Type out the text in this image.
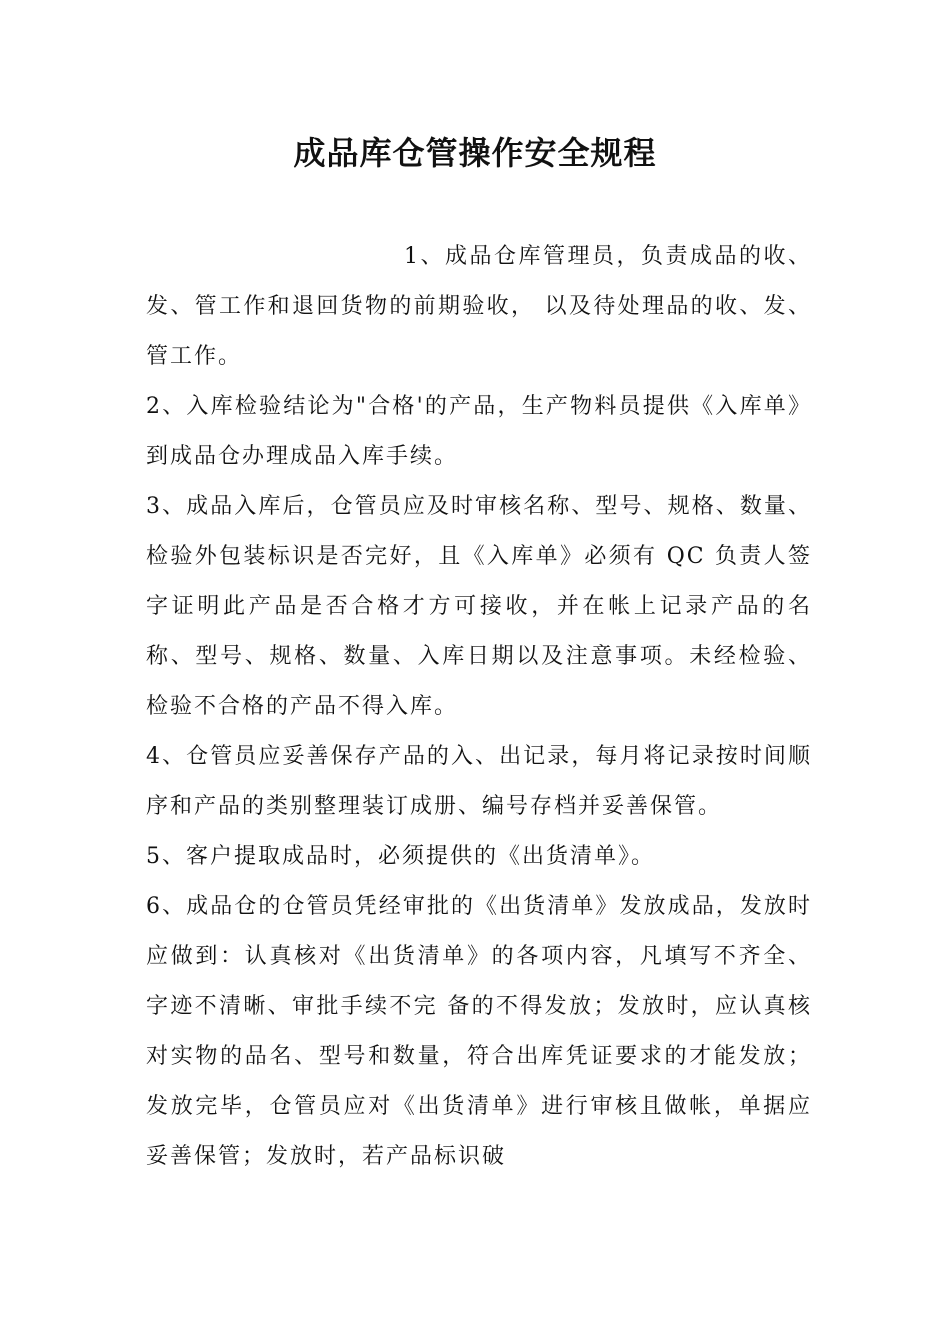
成品库仓管操作安全规程

1、成品仓库管理员，负责成品的收、发、管工作和退回货物的前期验收， 以及待处理品的收、发、管工作。

2、入库检验结论为"合格'的产品，生产物料员提供《入库单》到成品仓办理成品入库手续。

3、成品入库后，仓管员应及时审核名称、型号、规格、数量、检验外包装标识是否完好，且《入库单》必须有 QC 负责人签字证明此产品是否合格才方可接收，并在帐上记录产品的名称、型号、规格、数量、入库日期以及注意事项。未经检验、检验不合格的产品不得入库。

4、仓管员应妥善保存产品的入、出记录，每月将记录按时间顺序和产品的类别整理装订成册、编号存档并妥善保管。

5、客户提取成品时，必须提供的《出货清单》。

6、成品仓的仓管员凭经审批的《出货清单》发放成品，发放时应做到：认真核对《出货清单》的各项内容，凡填写不齐全、字迹不清晰、审批手续不完 备的不得发放；发放时，应认真核对实物的品名、型号和数量，符合出库凭证要求的才能发放；发放完毕，仓管员应对《出货清单》进行审核且做帐，单据应妥善保管；发放时，若产品标识破
